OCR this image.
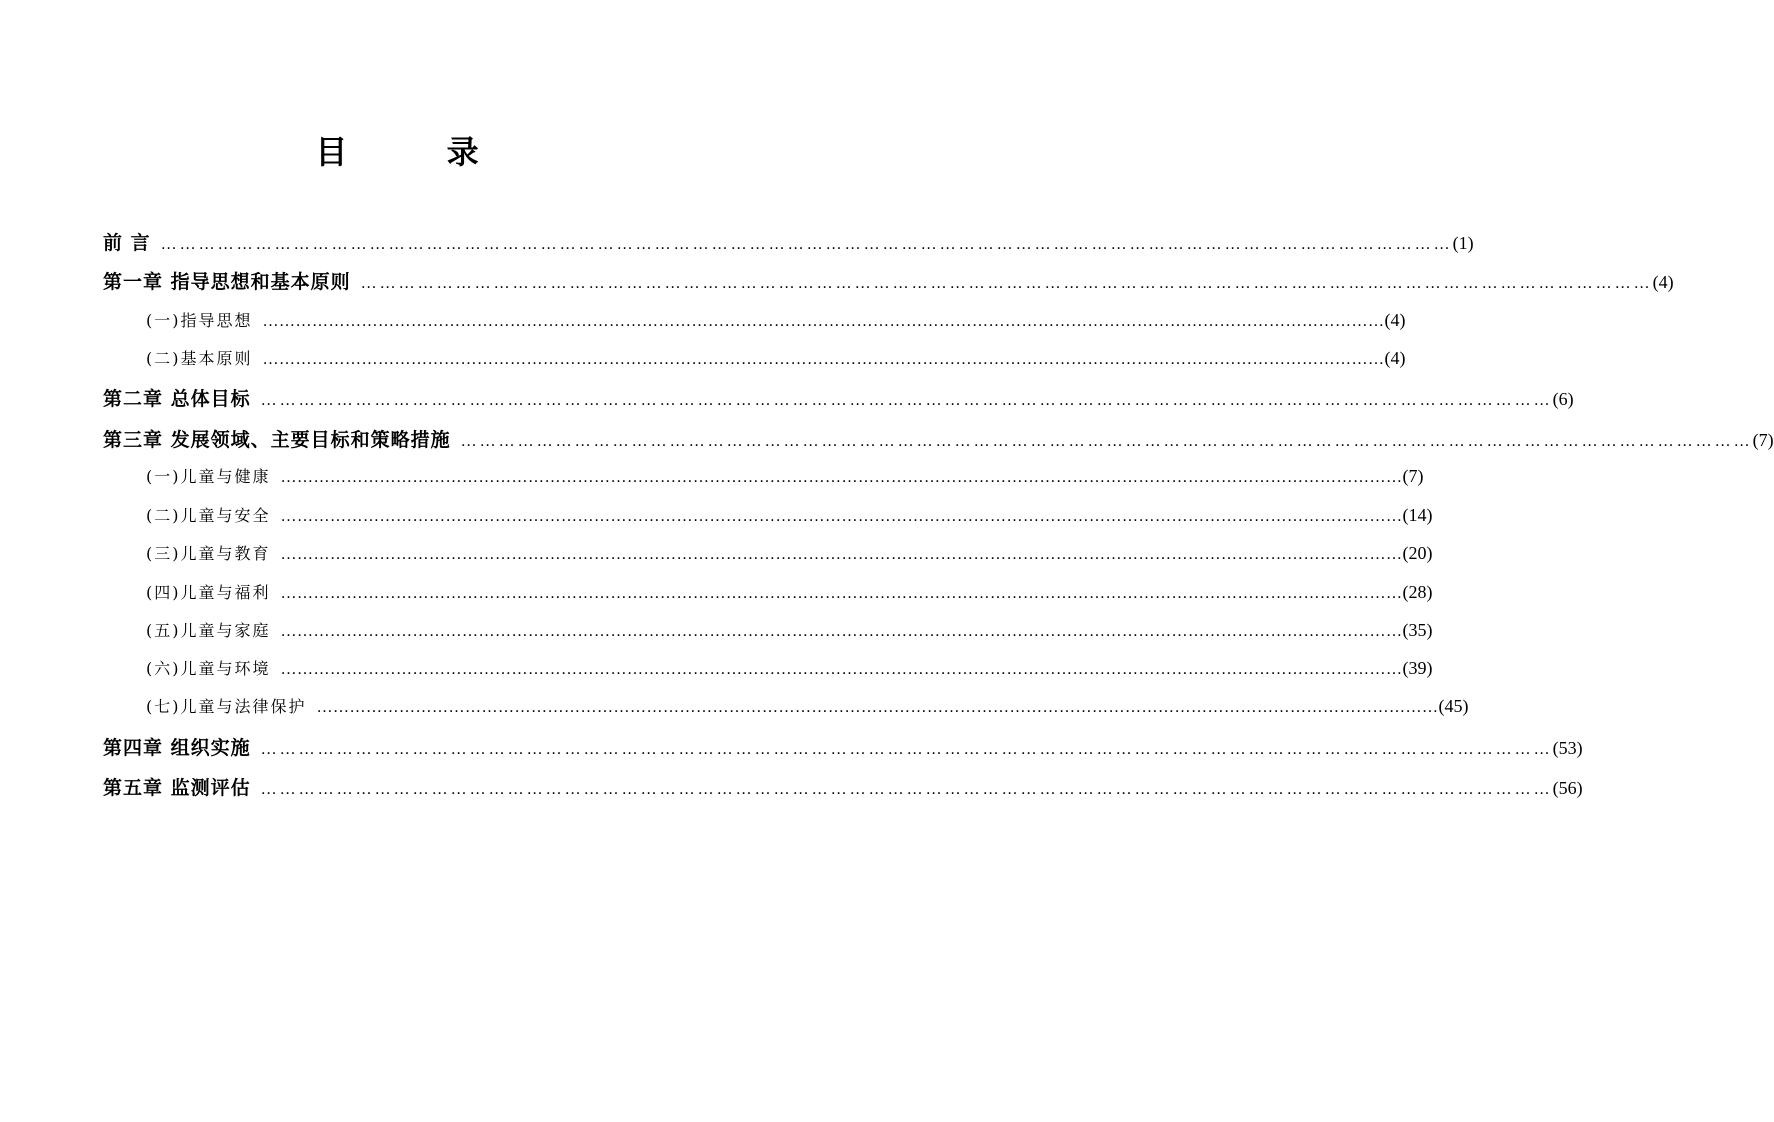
目 录
前 言 …………………………………………………………………………………………………………………………………………………………………………………… (1)
第一章 指导思想和基本原则 …………………………………………………………………………………………………………………………………………………………………………………… (4)
(一)指导思想 …………………………………………………………………………………………………………………………………………………………………………………… (4)
(二)基本原则 …………………………………………………………………………………………………………………………………………………………………………………… (4)
第二章 总体目标 …………………………………………………………………………………………………………………………………………………………………………………… (6)
第三章 发展领域、主要目标和策略措施 …………………………………………………………………………………………………………………………………………………………………………………… (7)
(一)儿童与健康 …………………………………………………………………………………………………………………………………………………………………………………… (7)
(二)儿童与安全 …………………………………………………………………………………………………………………………………………………………………………………… (14)
(三)儿童与教育 …………………………………………………………………………………………………………………………………………………………………………………… (20)
(四)儿童与福利 …………………………………………………………………………………………………………………………………………………………………………………… (28)
(五)儿童与家庭 …………………………………………………………………………………………………………………………………………………………………………………… (35)
(六)儿童与环境 …………………………………………………………………………………………………………………………………………………………………………………… (39)
(七)儿童与法律保护 …………………………………………………………………………………………………………………………………………………………………………………… (45)
第四章 组织实施 …………………………………………………………………………………………………………………………………………………………………………………… (53)
第五章 监测评估 …………………………………………………………………………………………………………………………………………………………………………………… (56)
